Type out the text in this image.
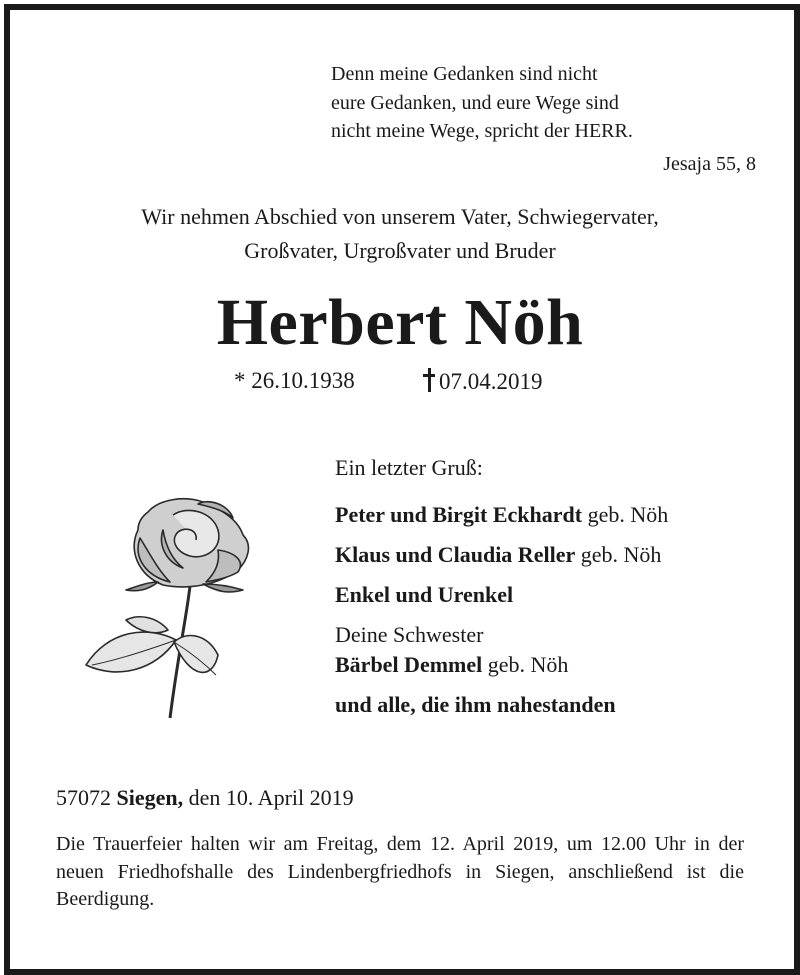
Denn meine Gedanken sind nicht
eure Gedanken, und eure Wege sind
nicht meine Wege, spricht der HERR.
Jesaja 55, 8
Wir nehmen Abschied von unserem Vater, Schwiegervater,
Großvater, Urgroßvater und Bruder
Herbert Nöh
* 26.10.1938	07.04.2019
Ein letzter Gruß:
Peter und Birgit Eckhardt geb. Nöh
Klaus und Claudia Reller geb. Nöh
Enkel und Urenkel
Deine Schwester
Bärbel Demmel geb. Nöh
und alle, die ihm nahestanden
57072 Siegen, den 10. April 2019
Die Trauerfeier halten wir am Freitag, dem 12. April 2019, um 12.00 Uhr in der neuen Friedhofshalle des Lindenbergfriedhofs in Siegen, anschließend ist die Beerdigung.
